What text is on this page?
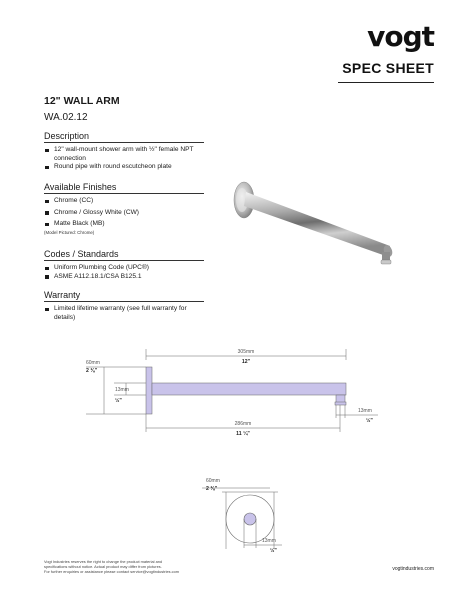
vogt
SPEC SHEET
12" WALL ARM
WA.02.12
Description
12" wall-mount shower arm with ½" female NPT connection
Round pipe with round escutcheon plate
Available Finishes
Chrome (CC)
Chrome / Glossy White (CW)
Matte Black (MB)
(Model Pictured: Chrome)
Codes / Standards
Uniform Plumbing Code (UPC®)
ASME A112.18.1/CSA B125.1
Warranty
Limited lifetime warranty (see full warranty for details)
305mm
12"
60mm
2 ⅜"
13mm
½"
286mm
11 ¼"
13mm
½"
60mm
2 ⅜"
13mm
½"
Vogt Industries reserves the right to change the product material and
specifications without notice. Actual product may differ from pictures.
For further enquiries or assistance please contact service@vogtindustries.com	vogtindustries.com
